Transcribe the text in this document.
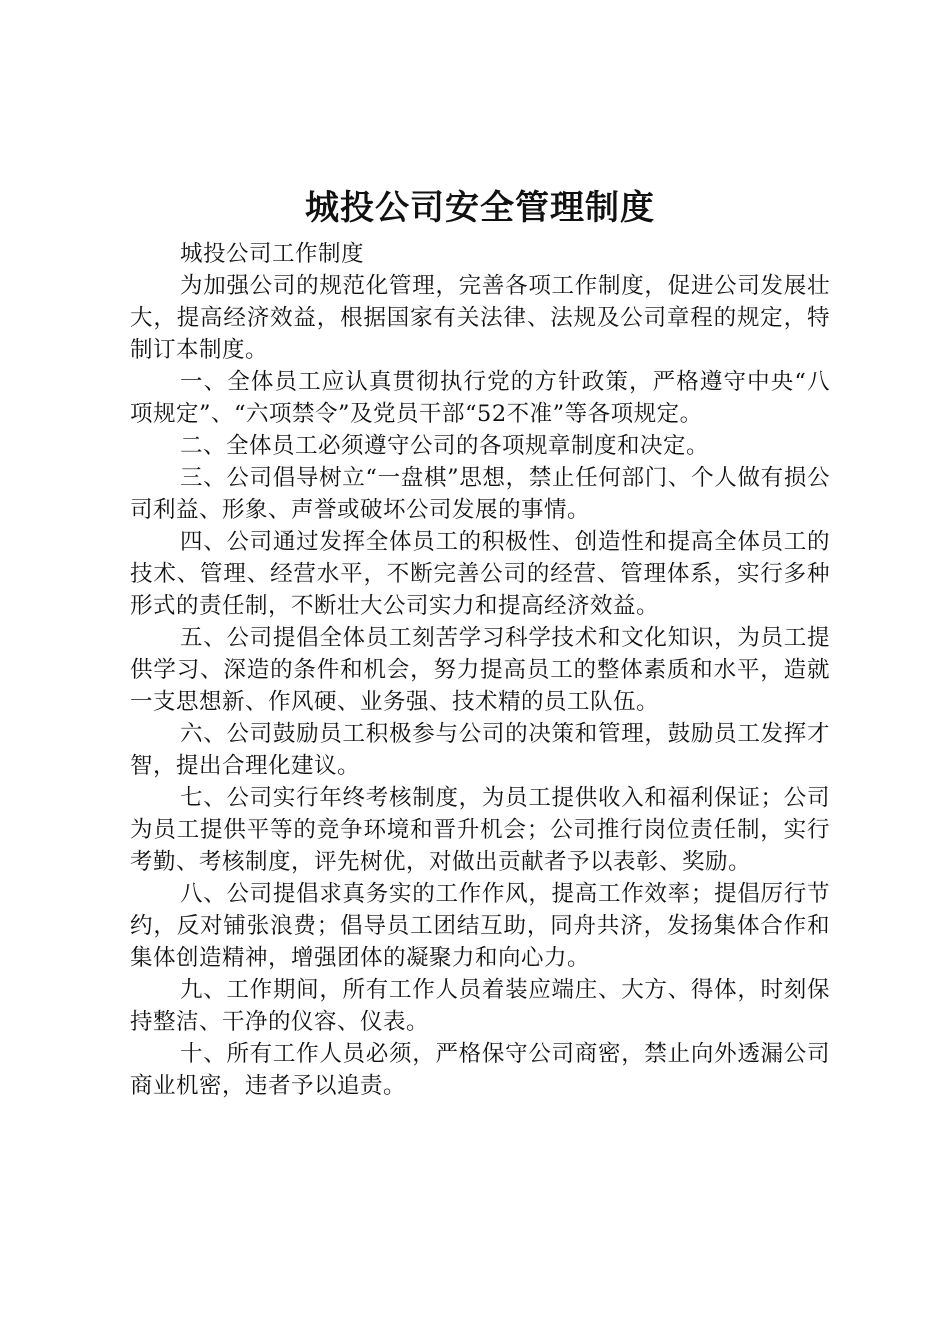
城投公司安全管理制度

城投公司工作制度

为加强公司的规范化管理，完善各项工作制度，促进公司发展壮大，提高经济效益，根据国家有关法律、法规及公司章程的规定，特制订本制度。

一、全体员工应认真贯彻执行党的方针政策，严格遵守中央“八项规定”、“六项禁令”及党员干部“52不准”等各项规定。

二、全体员工必须遵守公司的各项规章制度和决定。

三、公司倡导树立“一盘棋”思想，禁止任何部门、个人做有损公司利益、形象、声誉或破坏公司发展的事情。

四、公司通过发挥全体员工的积极性、创造性和提高全体员工的技术、管理、经营水平，不断完善公司的经营、管理体系，实行多种形式的责任制，不断壮大公司实力和提高经济效益。

五、公司提倡全体员工刻苦学习科学技术和文化知识，为员工提供学习、深造的条件和机会，努力提高员工的整体素质和水平，造就一支思想新、作风硬、业务强、技术精的员工队伍。

六、公司鼓励员工积极参与公司的决策和管理，鼓励员工发挥才智，提出合理化建议。

七、公司实行年终考核制度，为员工提供收入和福利保证；公司为员工提供平等的竞争环境和晋升机会；公司推行岗位责任制，实行考勤、考核制度，评先树优，对做出贡献者予以表彰、奖励。

八、公司提倡求真务实的工作作风，提高工作效率；提倡厉行节约，反对铺张浪费；倡导员工团结互助，同舟共济，发扬集体合作和集体创造精神，增强团体的凝聚力和向心力。

九、工作期间，所有工作人员着装应端庄、大方、得体，时刻保持整洁、干净的仪容、仪表。

十、所有工作人员必须，严格保守公司商密，禁止向外透漏公司商业机密，违者予以追责。
